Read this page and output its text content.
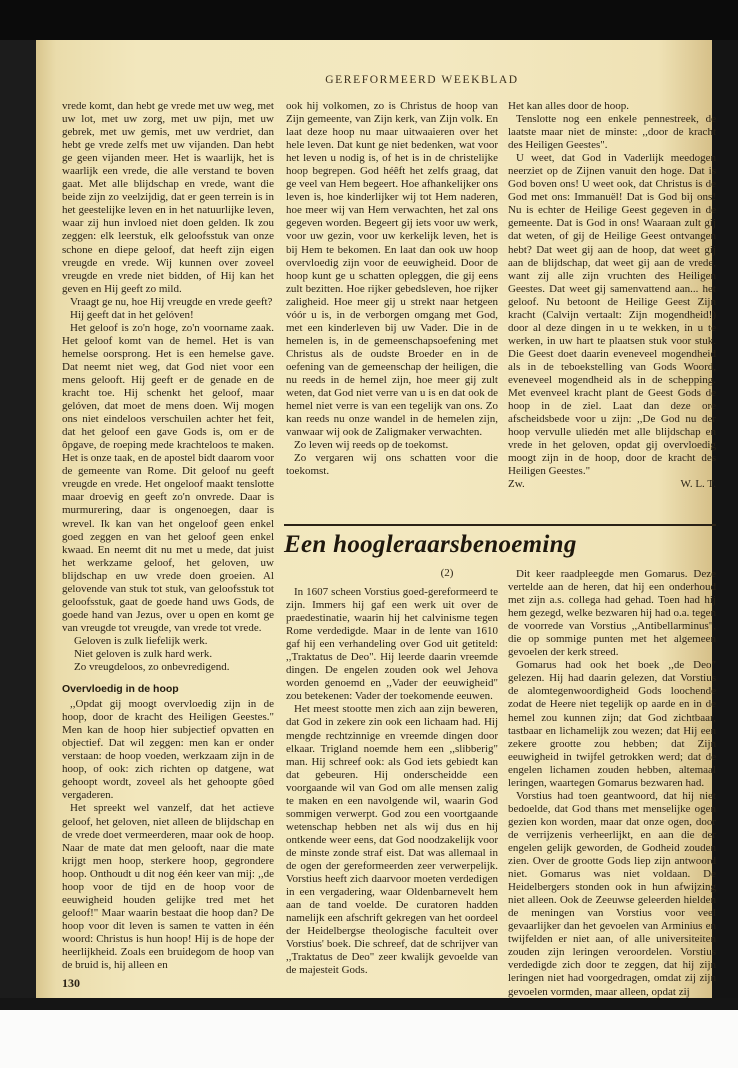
GEREFORMEERD WEEKBLAD

vrede komt, dan hebt ge vrede met uw weg, met uw lot, met uw zorg, met uw pijn, met uw gebrek, met uw gemis, met uw verdriet, dan hebt ge vrede zelfs met uw vijanden. Dan hebt ge geen vijanden meer. Het is waarlijk, het is waarlijk een vrede, die alle verstand te boven gaat. Met alle blijdschap en vrede, want die beide zijn zo veelzijdig, dat er geen terrein is in het geestelijke leven en in het natuurlijke leven, waar zij hun invloed niet doen gelden. Ik zou zeggen: elk leerstuk, elk geloofsstuk van onze schone en diepe geloof, dat heeft zijn eigen vreugde en vrede. Wij kunnen over zoveel vreugde en vrede niet bidden, of Hij kan het geven en Hij geeft zo mild.

Vraagt ge nu, hoe Hij vreugde en vrede geeft?

Hij geeft dat in het gelóven!

Het geloof is zo'n hoge, zo'n voorname zaak. Het geloof komt van de hemel. Het is van hemelse oorsprong. Het is een hemelse gave. Dat neemt niet weg, dat God niet voor een mens gelooft. Hij geeft er de genade en de kracht toe. Hij schenkt het geloof, maar gelóven, dat moet de mens doen. Wij mogen ons niet eindeloos verschuilen achter het feit, dat het geloof een gave Gods is, om er de ôpgave, de roeping mede krachteloos te maken. Het is onze taak, en de apostel bidt daarom voor de gemeente van Rome. Dit geloof nu geeft vreugde en vrede. Het ongeloof maakt tenslotte maar droevig en geeft zo'n onvrede. Daar is murmurering, daar is ongenoegen, daar is wrevel. Ik kan van het ongeloof geen enkel goed zeggen en van het geloof geen enkel kwaad. En neemt dit nu met u mede, dat juist het werkzame geloof, het geloven, uw blijdschap en uw vrede doen groeien. Al gelovende van stuk tot stuk, van geloofsstuk tot geloofsstuk, gaat de goede hand uws Gods, de goede hand van Jezus, over u open en komt ge van vreugde tot vreugde, van vrede tot vrede.

Geloven is zulk liefelijk werk.

Niet geloven is zulk hard werk.

Zo vreugdeloos, zo onbevredigend.

Overvloedig in de hoop

,,Opdat gij moogt overvloedig zijn in de hoop, door de kracht des Heiligen Geestes." Men kan de hoop hier subjectief opvatten en objectief. Dat wil zeggen: men kan er onder verstaan: de hoop voeden, werkzaam zijn in de hoop, of ook: zich richten op datgene, wat gehoopt wordt, zoveel als het gehoopte gôed vergaderen.

Het spreekt wel vanzelf, dat het actieve geloof, het geloven, niet alleen de blijdschap en de vrede doet vermeerderen, maar ook de hoop. Naar de mate dat men gelooft, naar die mate krijgt men hoop, sterkere hoop, gegrondere hoop. Onthoudt u dit nog één keer van mij: ,,de hoop voor de tijd en de hoop voor de eeuwigheid houden gelijke tred met het geloof!" Maar waarin bestaat die hoop dan? De hoop voor dit leven is samen te vatten in één woord: Christus is hun hoop! Hij is de hope der heerlijkheid. Zoals een bruidegom de hoop van de bruid is, hij alleen en

ook hij volkomen, zo is Christus de hoop van Zijn gemeente, van Zijn kerk, van Zijn volk. En laat deze hoop nu maar uitwaaieren over het hele leven. Dat kunt ge niet bedenken, wat voor het leven u nodig is, of het is in de christelijke hoop begrepen. God héêft het zelfs graag, dat ge veel van Hem begeert. Hoe afhankelijker ons leven is, hoe kinderlijker wij tot Hem naderen, hoe meer wij van Hem verwachten, het zal ons gegeven worden. Begeert gij iets voor uw werk, voor uw gezin, voor uw kerkelijk leven, het is bij Hem te bekomen. En laat dan ook uw hoop overvloedig zijn voor de eeuwigheid. Door de hoop kunt ge u schatten opleggen, die gij eens zult bezitten. Hoe rijker gebedsleven, hoe rijker zaligheid. Hoe meer gij u strekt naar hetgeen vóór u is, in de verborgen omgang met God, met een kinderleven bij uw Vader. Die in de hemelen is, in de gemeenschapsoefening met Christus als de oudste Broeder en in de oefening van de gemeenschap der heiligen, die nu reeds in de hemel zijn, hoe meer gij zult weten, dat God niet verre van u is en dat ook de hemel niet verre is van een tegelijk van ons. Zo kan reeds nu onze wandel in de hemelen zijn, vanwaar wij ook de Zaligmaker verwachten.

Zo leven wij reeds op de toekomst.

Zo vergaren wij ons schatten voor die toekomst.

Het kan alles door de hoop.

Tenslotte nog een enkele pennestreek, de laatste maar niet de minste: ,,door de kracht des Heiligen Geestes".

U weet, dat God in Vaderlijk meedogen neerziet op de Zijnen vanuit den hoge. Dat is God boven ons! U weet ook, dat Christus is de God met ons: Immanuël! Dat is God bij ons! Nu is echter de Heilige Geest gegeven in de gemeente. Dat is God in ons! Waaraan zult gij dat weten, of gij de Heilige Geest ontvangen hebt? Dat weet gij aan de hoop, dat weet gij aan de blijdschap, dat weet gij aan de vrede, want zij alle zijn vruchten des Heiligen Geestes. Dat weet gij samenvattend aan... het geloof. Nu betoont de Heilige Geest Zijn kracht (Calvijn vertaalt: Zijn mogendheid!) door al deze dingen in u te wekken, in u te werken, in uw hart te plaatsen stuk voor stuk. Die Geest doet daarin eveneveel mogendheid als in de teboekstelling van Gods Woord, eveneveel mogendheid als in de schepping. Met evenveel kracht plant de Geest Gods de hoop in de ziel. Laat dan deze ore afscheidsbede voor u zijn: ,,De God nu der hoop vervulle uliedén met alle blijdschap en vrede in het geloven, opdat gij overvloedig moogt zijn in de hoop, door de kracht des Heiligen Geestes."

Zw.	W. L. T.

Een hoogleraarsbenoeming

(2)

In 1607 scheen Vorstius goed-gereformeerd te zijn. Immers hij gaf een werk uit over de praedestinatie, waarin hij het calvinisme tegen Rome verdedigde. Maar in de lente van 1610 gaf hij een verhandeling over God uit getiteld: ,,Traktatus de Deo". Hij leerde daarin vreemde dingen. De engelen zouden ook wel Jehova worden genoemd en ,,Vader der eeuwigheid" zou betekenen: Vader der toekomende eeuwen.

Het meest stootte men zich aan zijn beweren, dat God in zekere zin ook een lichaam had. Hij mengde rechtzinnige en vreemde dingen door elkaar. Trigland noemde hem een ,,slibberig" man. Hij schreef ook: als God iets gebiedt kan dat gebeuren. Hij onderscheidde een voorgaande wil van God om alle mensen zalig te maken en een navolgende wil, waarin God sommigen verwerpt. God zou een voortgaande wetenschap hebben net als wij dus en hij ontkende weer eens, dat God noodzakelijk voor de minste zonde straf eist. Dat was allemaal in de ogen der gereformeerden zeer verwerpelijk. Vorstius heeft zich daarvoor moeten verdedigen in een vergadering, waar Oldenbarnevelt hem aan de tand voelde. De curatoren hadden namelijk een afschrift gekregen van het oordeel der Heidelbergse theologische faculteit over Vorstius' boek. Die schreef, dat de schrijver van ,,Traktatus de Deo" zeer kwalijk gevoelde van de majesteit Gods.

Dit keer raadpleegde men Gomarus. Deze vertelde aan de heren, dat hij een onderhoud met zijn a.s. collega had gehad. Toen had hij hem gezegd, welke bezwaren hij had o.a. tegen de voorrede van Vorstius ,,Antibellarminus", die op sommige punten met het algemeen gevoelen der kerk streed.

Gomarus had ook het boek ,,de Deo" gelezen. Hij had daarin gelezen, dat Vorstius de alomtegenwoordigheid Gods loochende zodat de Heere niet tegelijk op aarde en in de hemel zou kunnen zijn; dat God zichtbaar, tastbaar en lichamelijk zou wezen; dat Hij een zekere grootte zou hebben; dat Zijn eeuwigheid in twijfel getrokken werd; dat de engelen lichamen zouden hebben, altemaal leringen, waartegen Gomarus bezwaren had.

Vorstius had toen geantwoord, dat hij niet bedoelde, dat God thans met menselijke ogen gezien kon worden, maar dat onze ogen, door de verrijzenis verheerlijkt, en aan die der engelen gelijk geworden, de Godheid zouden zien. Over de grootte Gods liep zijn antwoord niet. Gomarus was niet voldaan. De Heidelbergers stonden ook in hun afwijzing niet alleen. Ook de Zeeuwse geleerden hielden de meningen van Vorstius voor veel gevaarlijker dan het gevoelen van Arminius en twijfelden er niet aan, of alle universiteiten zouden zijn leringen veroordelen. Vorstius verdedigde zich door te zeggen, dat hij zijn leringen niet had voorgedragen, omdat zij zijn gevoelen vormden, maar alleen, opdat zij

130
